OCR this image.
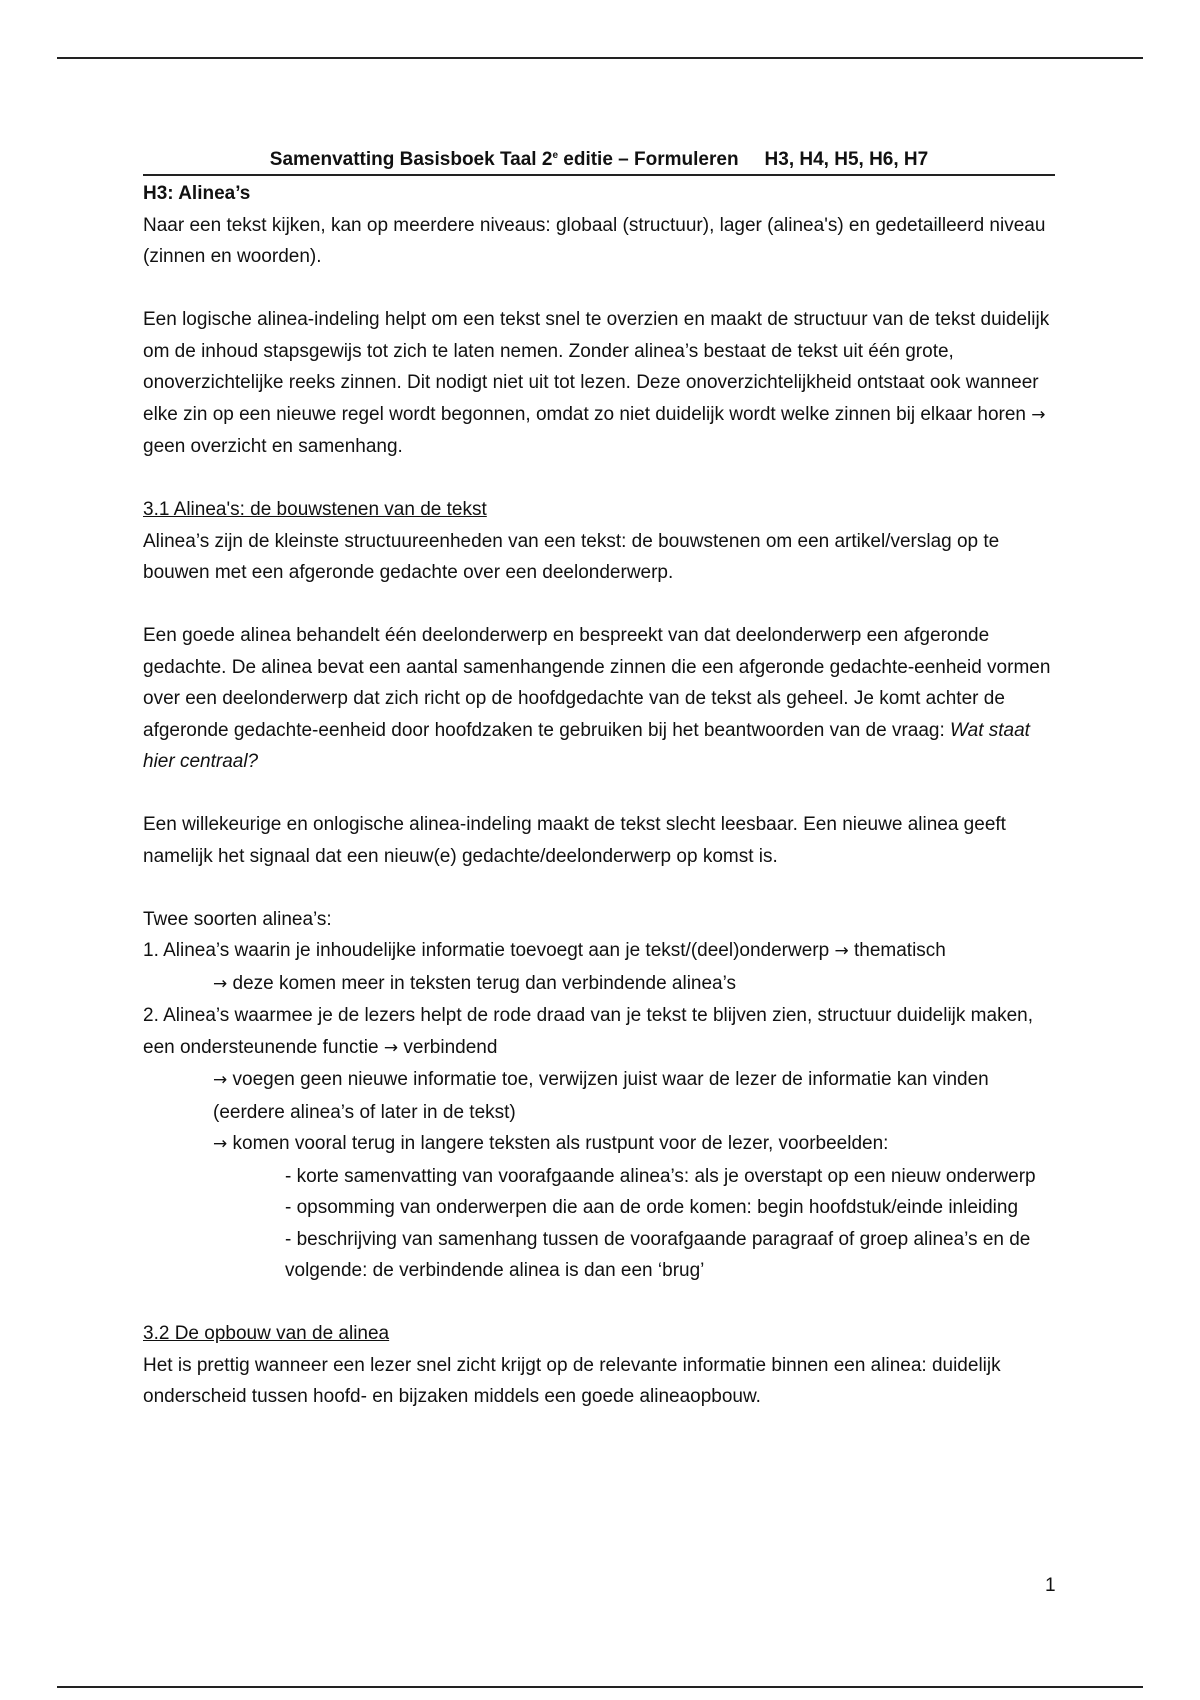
Samenvatting Basisboek Taal 2e editie – Formuleren H3, H4, H5, H6, H7

H3: Alinea’s

Naar een tekst kijken, kan op meerdere niveaus: globaal (structuur), lager (alinea's) en gedetailleerd niveau (zinnen en woorden).

Een logische alinea-indeling helpt om een tekst snel te overzien en maakt de structuur van de tekst duidelijk om de inhoud stapsgewijs tot zich te laten nemen. Zonder alinea’s bestaat de tekst uit één grote, onoverzichtelijke reeks zinnen. Dit nodigt niet uit tot lezen. Deze onoverzichtelijkheid ontstaat ook wanneer elke zin op een nieuwe regel wordt begonnen, omdat zo niet duidelijk wordt welke zinnen bij elkaar horen → geen overzicht en samenhang.

3.1 Alinea's: de bouwstenen van de tekst

Alinea’s zijn de kleinste structuureenheden van een tekst: de bouwstenen om een artikel/verslag op te bouwen met een afgeronde gedachte over een deelonderwerp.

Een goede alinea behandelt één deelonderwerp en bespreekt van dat deelonderwerp een afgeronde gedachte. De alinea bevat een aantal samenhangende zinnen die een afgeronde gedachte-eenheid vormen over een deelonderwerp dat zich richt op de hoofdgedachte van de tekst als geheel. Je komt achter de afgeronde gedachte-eenheid door hoofdzaken te gebruiken bij het beantwoorden van de vraag: Wat staat hier centraal?

Een willekeurige en onlogische alinea-indeling maakt de tekst slecht leesbaar. Een nieuwe alinea geeft namelijk het signaal dat een nieuw(e) gedachte/deelonderwerp op komst is.

Twee soorten alinea’s:

1. Alinea’s waarin je inhoudelijke informatie toevoegt aan je tekst/(deel)onderwerp → thematisch

→ deze komen meer in teksten terug dan verbindende alinea’s

2. Alinea’s waarmee je de lezers helpt de rode draad van je tekst te blijven zien, structuur duidelijk maken, een ondersteunende functie → verbindend

→ voegen geen nieuwe informatie toe, verwijzen juist waar de lezer de informatie kan vinden (eerdere alinea’s of later in de tekst)

→ komen vooral terug in langere teksten als rustpunt voor de lezer, voorbeelden:

- korte samenvatting van voorafgaande alinea’s: als je overstapt op een nieuw onderwerp

- opsomming van onderwerpen die aan de orde komen: begin hoofdstuk/einde inleiding

- beschrijving van samenhang tussen de voorafgaande paragraaf of groep alinea’s en de volgende: de verbindende alinea is dan een ‘brug’

3.2 De opbouw van de alinea

Het is prettig wanneer een lezer snel zicht krijgt op de relevante informatie binnen een alinea: duidelijk onderscheid tussen hoofd- en bijzaken middels een goede alineaopbouw.

1
